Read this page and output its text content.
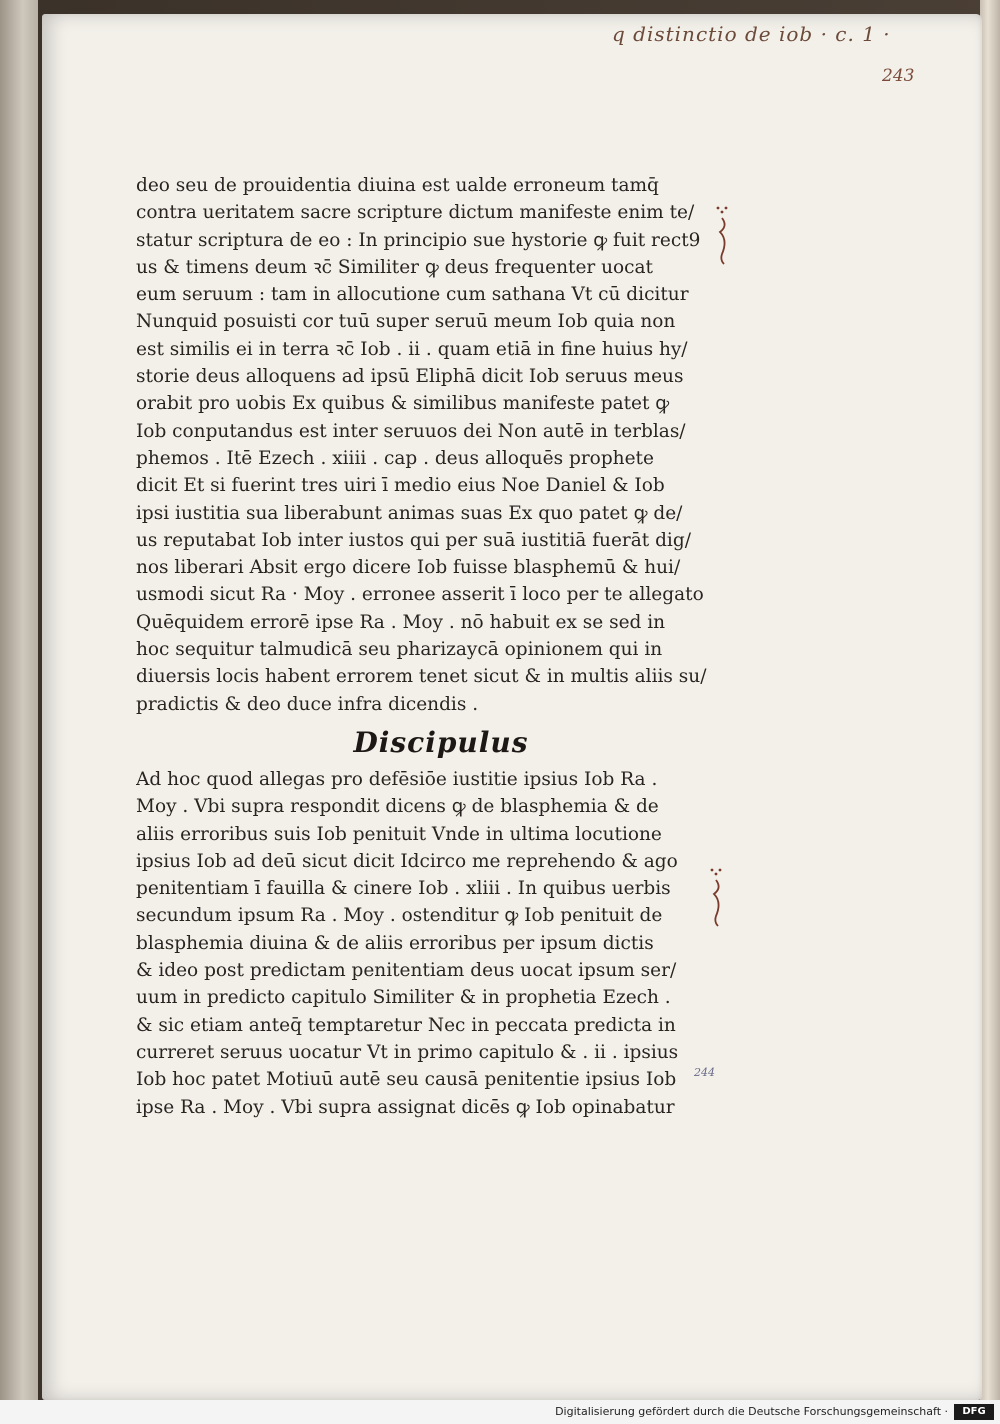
q distinctio de iob · c. 1 ·
243
deo seu de prouidentia diuina est ualde erroneum tamq̄
contra ueritatem sacre scripture dictum manifeste enim te/
statur scriptura de eo : In principio sue hystorie ꝙ fuit rect9
us & timens deum ꝛc̄ Similiter ꝙ deus frequenter uocat
eum seruum : tam in allocutione cum sathana Vt cū dicitur
Nunquid posuisti cor tuū super seruū meum Iob quia non
est similis ei in terra ꝛc̄ Iob . ii . quam etiā in fine huius hy/
storie deus alloquens ad ipsū Eliphā dicit Iob seruus meus
orabit pro uobis Ex quibus & similibus manifeste patet ꝙ
Iob conputandus est inter seruuos dei Non autē in terblas/
phemos . Itē Ezech . xiiii . cap . deus alloquēs prophete
dicit Et si fuerint tres uiri ī medio eius Noe Daniel & Iob
ipsi iustitia sua liberabunt animas suas Ex quo patet ꝙ de/
us reputabat Iob inter iustos qui per suā iustitiā fuerāt dig/
nos liberari Absit ergo dicere Iob fuisse blasphemū & hui/
usmodi sicut Ra · Moy . erronee asserit ī loco per te allegato
Quēquidem errorē ipse Ra . Moy . nō habuit ex se sed in
hoc sequitur talmudicā seu pharizaycā opinionem qui in
diuersis locis habent errorem tenet sicut & in multis aliis su/
pradictis & deo duce infra dicendis .
Discipulus
Ad hoc quod allegas pro defēsiōe iustitie ipsius Iob Ra .
Moy . Vbi supra respondit dicens ꝙ de blasphemia & de
aliis erroribus suis Iob penituit Vnde in ultima locutione
ipsius Iob ad deū sicut dicit Idcirco me reprehendo & ago
penitentiam ī fauilla & cinere Iob . xliii . In quibus uerbis
secundum ipsum Ra . Moy . ostenditur ꝙ Iob penituit de
blasphemia diuina & de aliis erroribus per ipsum dictis
& ideo post predictam penitentiam deus uocat ipsum ser/
uum in predicto capitulo Similiter & in prophetia Ezech .
& sic etiam anteq̄ temptaretur Nec in peccata predicta in
curreret seruus uocatur Vt in primo capitulo & . ii . ipsius
Iob hoc patet Motiuū autē seu causā penitentie ipsius Iob
ipse Ra . Moy . Vbi supra assignat dicēs ꝙ Iob opinabatur
244
Digitalisierung gefördert durch die Deutsche Forschungsgemeinschaft ·	DFG
